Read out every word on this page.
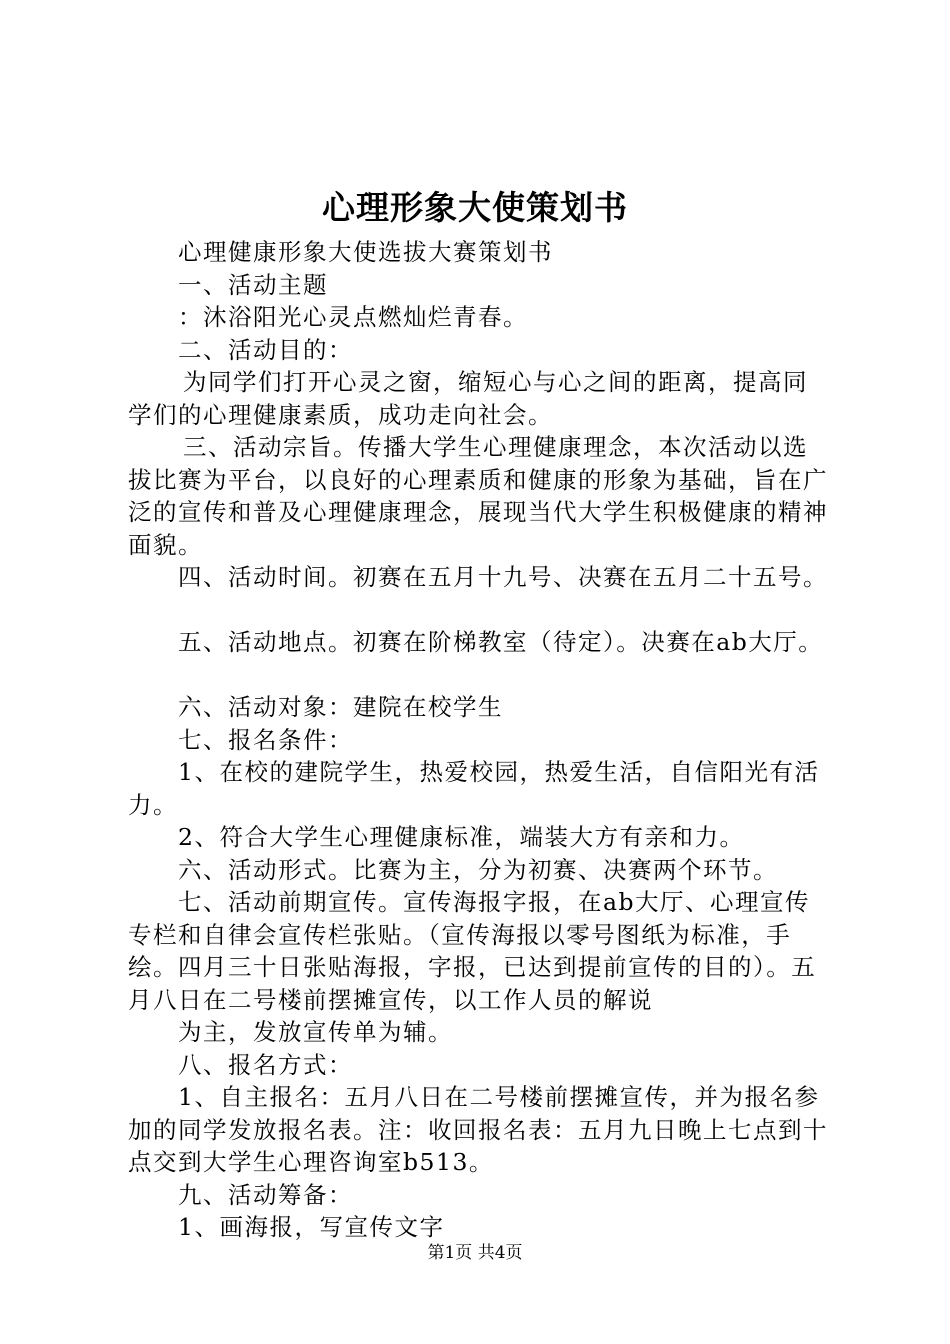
心理形象大使策划书

心理健康形象大使选拔大赛策划书

一、活动主题

：沐浴阳光心灵点燃灿烂青春。

二、活动目的：

为同学们打开心灵之窗，缩短心与心之间的距离，提高同学们的心理健康素质，成功走向社会。

三、活动宗旨。传播大学生心理健康理念，本次活动以选拔比赛为平台，以良好的心理素质和健康的形象为基础，旨在广泛的宣传和普及心理健康理念，展现当代大学生积极健康的精神面貌。

四、活动时间。初赛在五月十九号、决赛在五月二十五号。

五、活动地点。初赛在阶梯教室（待定）。决赛在ab大厅。

六、活动对象：建院在校学生

七、报名条件：

1、在校的建院学生，热爱校园，热爱生活，自信阳光有活力。

2、符合大学生心理健康标准，端装大方有亲和力。

六、活动形式。比赛为主，分为初赛、决赛两个环节。

七、活动前期宣传。宣传海报字报，在ab大厅、心理宣传专栏和自律会宣传栏张贴。（宣传海报以零号图纸为标准，手绘。四月三十日张贴海报，字报，已达到提前宣传的目的）。五月八日在二号楼前摆摊宣传，以工作人员的解说

为主，发放宣传单为辅。

八、报名方式：

1、自主报名：五月八日在二号楼前摆摊宣传，并为报名参加的同学发放报名表。注：收回报名表：五月九日晚上七点到十点交到大学生心理咨询室b513。

九、活动筹备：

1、画海报，写宣传文字

第1页 共4页
